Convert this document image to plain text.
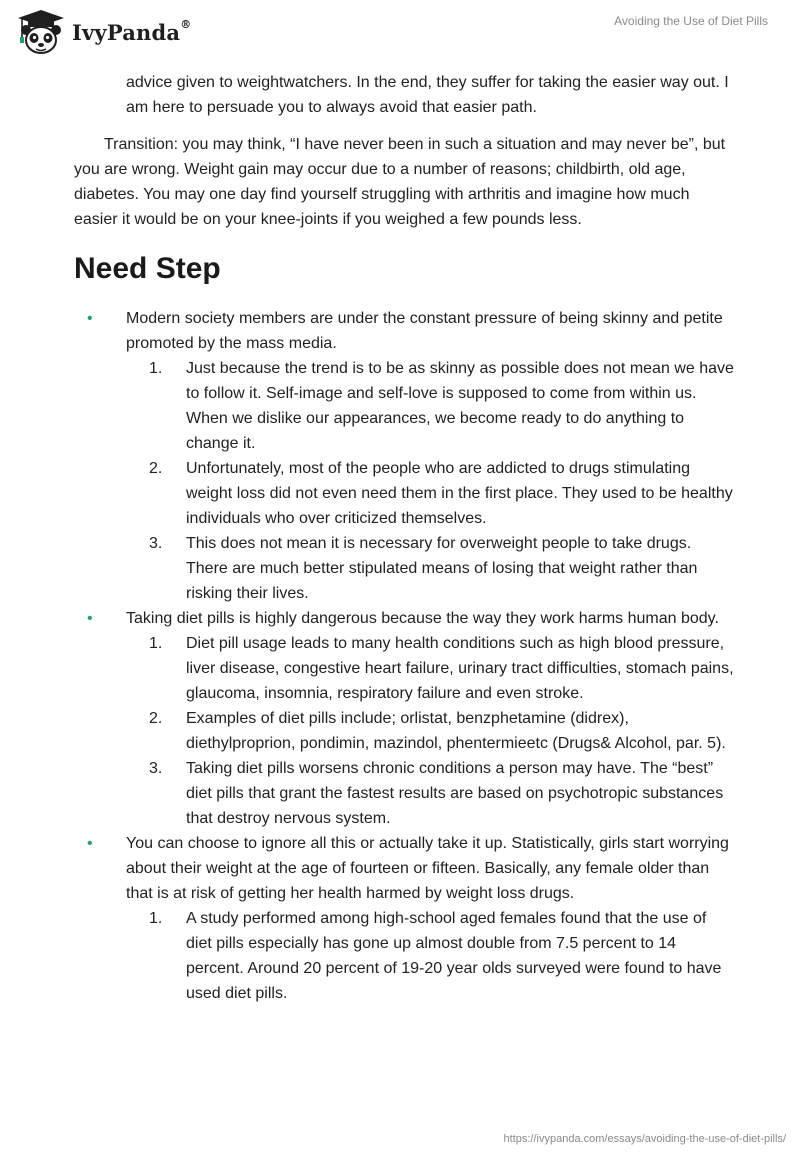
IvyPanda®	Avoiding the Use of Diet Pills

advice given to weightwatchers. In the end, they suffer for taking the easier way out. I am here to persuade you to always avoid that easier path.

Transition: you may think, “I have never been in such a situation and may never be”, but you are wrong. Weight gain may occur due to a number of reasons; childbirth, old age, diabetes. You may one day find yourself struggling with arthritis and imagine how much easier it would be on your knee-joints if you weighed a few pounds less.

Need Step
• Modern society members are under the constant pressure of being skinny and petite promoted by the mass media.
1. Just because the trend is to be as skinny as possible does not mean we have to follow it. Self-image and self-love is supposed to come from within us. When we dislike our appearances, we become ready to do anything to change it.
2. Unfortunately, most of the people who are addicted to drugs stimulating weight loss did not even need them in the first place. They used to be healthy individuals who over criticized themselves.
3. This does not mean it is necessary for overweight people to take drugs. There are much better stipulated means of losing that weight rather than risking their lives.
• Taking diet pills is highly dangerous because the way they work harms human body.
1. Diet pill usage leads to many health conditions such as high blood pressure, liver disease, congestive heart failure, urinary tract difficulties, stomach pains, glaucoma, insomnia, respiratory failure and even stroke.
2. Examples of diet pills include; orlistat, benzphetamine (didrex), diethylproprion, pondimin, mazindol, phentermieetc (Drugs& Alcohol, par. 5).
3. Taking diet pills worsens chronic conditions a person may have. The “best” diet pills that grant the fastest results are based on psychotropic substances that destroy nervous system.
• You can choose to ignore all this or actually take it up. Statistically, girls start worrying about their weight at the age of fourteen or fifteen. Basically, any female older than that is at risk of getting her health harmed by weight loss drugs.
1. A study performed among high-school aged females found that the use of diet pills especially has gone up almost double from 7.5 percent to 14 percent. Around 20 percent of 19-20 year olds surveyed were found to have used diet pills.
https://ivypanda.com/essays/avoiding-the-use-of-diet-pills/
